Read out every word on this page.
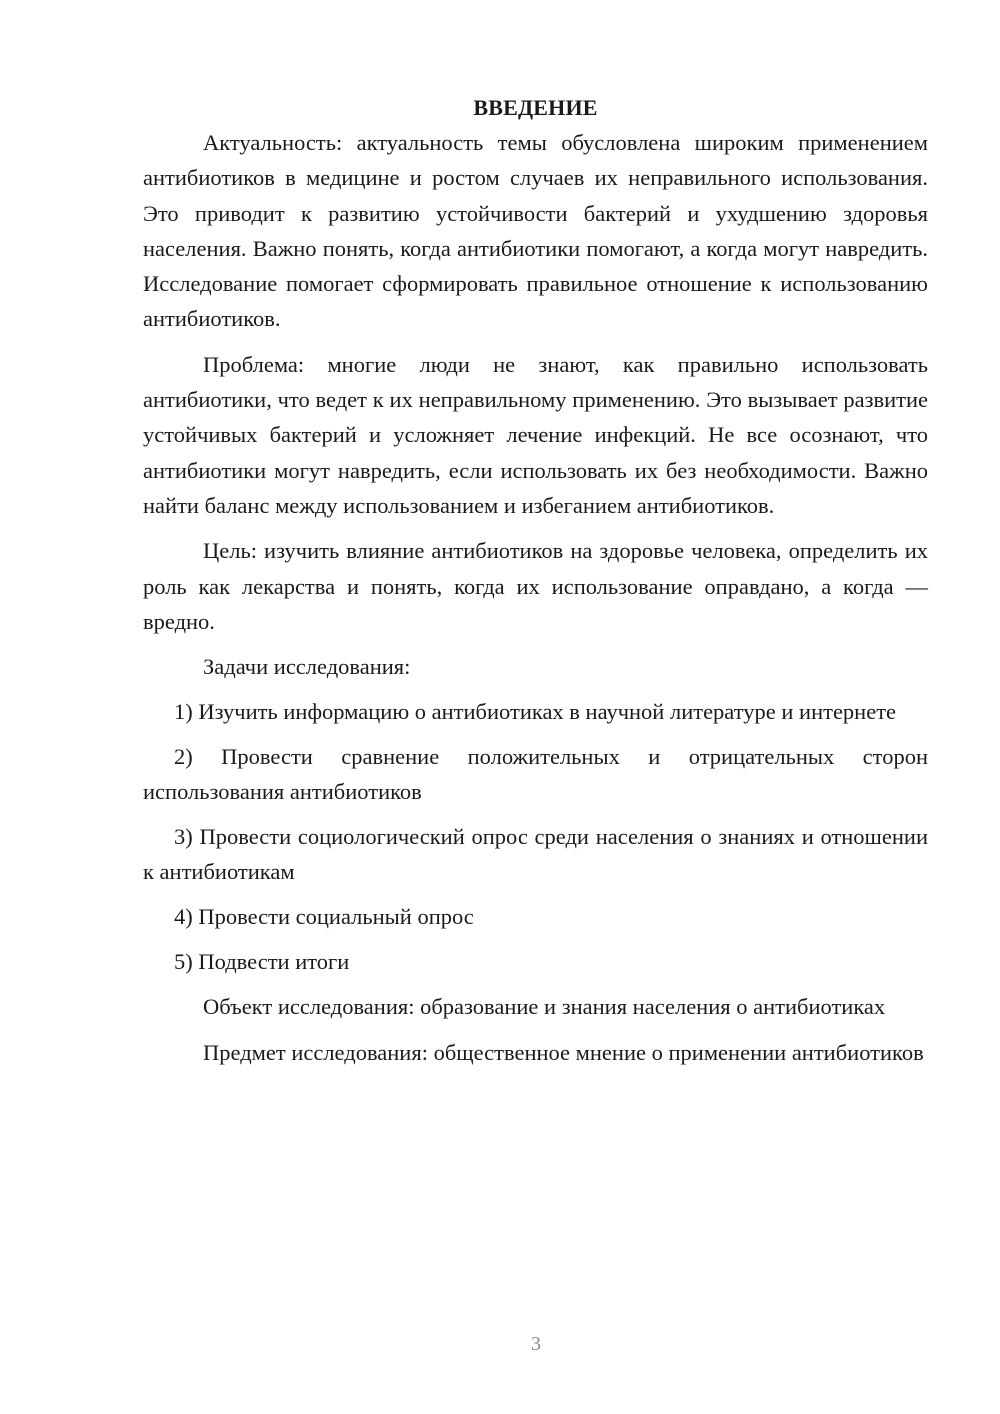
ВВЕДЕНИЕ

Актуальность: актуальность темы обусловлена широким применением антибиотиков в медицине и ростом случаев их неправильного использования. Это приводит к развитию устойчивости бактерий и ухудшению здоровья населения. Важно понять, когда антибиотики помогают, а когда могут навредить. Исследование помогает сформировать правильное отношение к использованию антибиотиков.

Проблема: многие люди не знают, как правильно использовать антибиотики, что ведет к их неправильному применению. Это вызывает развитие устойчивых бактерий и усложняет лечение инфекций. Не все осознают, что антибиотики могут навредить, если использовать их без необходимости. Важно найти баланс между использованием и избеганием антибиотиков.

Цель: изучить влияние антибиотиков на здоровье человека, определить их роль как лекарства и понять, когда их использование оправдано, а когда — вредно.

Задачи исследования:

1) Изучить информацию о антибиотиках в научной литературе и интернете

2) Провести сравнение положительных и отрицательных сторон использования антибиотиков

3) Провести социологический опрос среди населения о знаниях и отношении к антибиотикам

4) Провести социальный опрос

5) Подвести итоги

Объект исследования: образование и знания населения о антибиотиках

Предмет исследования: общественное мнение о применении антибиотиков

3
